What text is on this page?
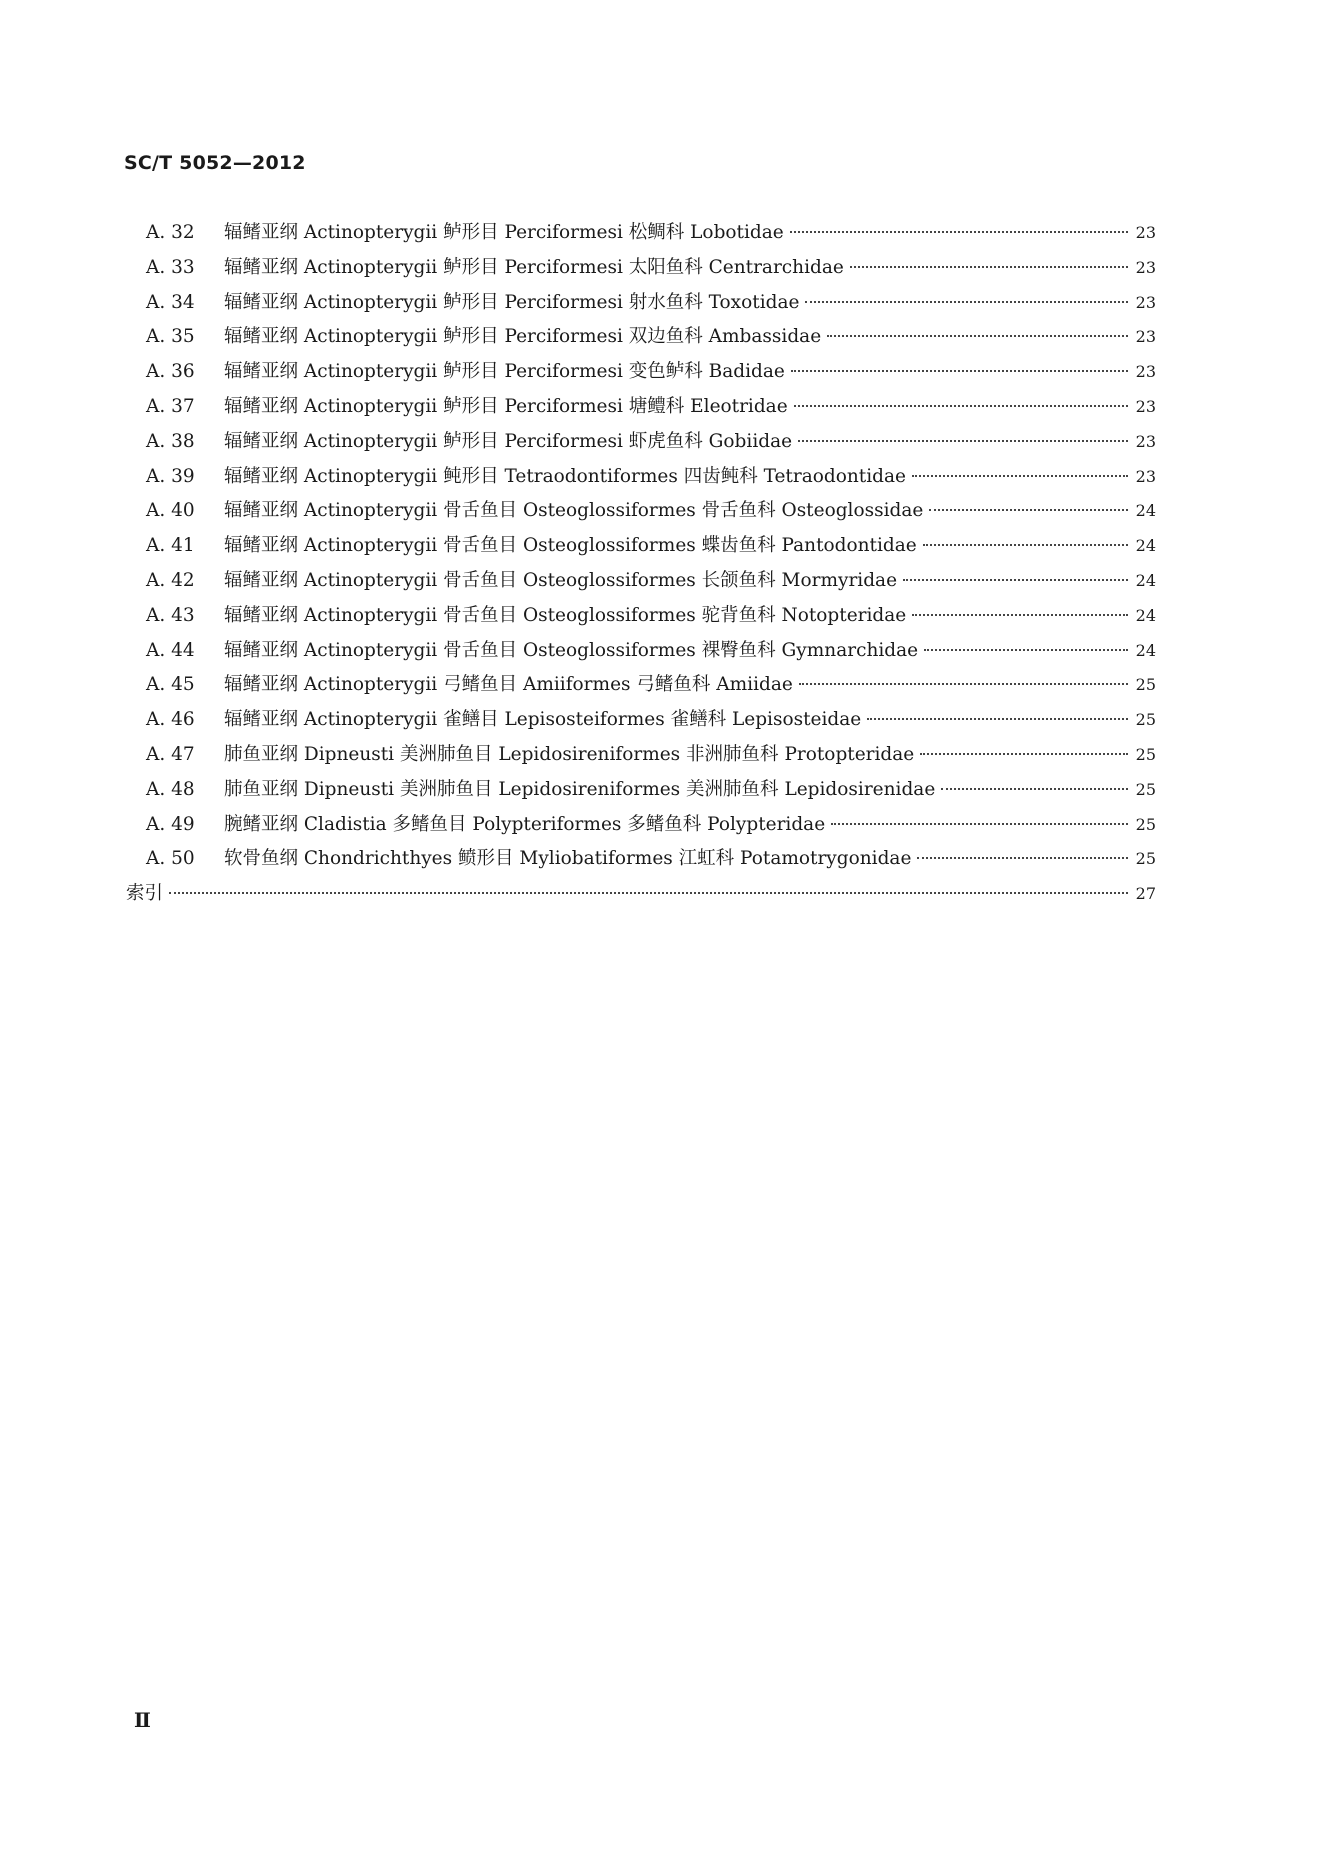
SC/T 5052—2012
A. 32	辐鳍亚纲 Actinopterygii 鲈形目 Perciformesi 松鲷科 Lobotidae	23
A. 33	辐鳍亚纲 Actinopterygii 鲈形目 Perciformesi 太阳鱼科 Centrarchidae	23
A. 34	辐鳍亚纲 Actinopterygii 鲈形目 Perciformesi 射水鱼科 Toxotidae	23
A. 35	辐鳍亚纲 Actinopterygii 鲈形目 Perciformesi 双边鱼科 Ambassidae	23
A. 36	辐鳍亚纲 Actinopterygii 鲈形目 Perciformesi 变色鲈科 Badidae	23
A. 37	辐鳍亚纲 Actinopterygii 鲈形目 Perciformesi 塘鳢科 Eleotridae	23
A. 38	辐鳍亚纲 Actinopterygii 鲈形目 Perciformesi 虾虎鱼科 Gobiidae	23
A. 39	辐鳍亚纲 Actinopterygii 鲀形目 Tetraodontiformes 四齿鲀科 Tetraodontidae	23
A. 40	辐鳍亚纲 Actinopterygii 骨舌鱼目 Osteoglossiformes 骨舌鱼科 Osteoglossidae	24
A. 41	辐鳍亚纲 Actinopterygii 骨舌鱼目 Osteoglossiformes 蝶齿鱼科 Pantodontidae	24
A. 42	辐鳍亚纲 Actinopterygii 骨舌鱼目 Osteoglossiformes 长颌鱼科 Mormyridae	24
A. 43	辐鳍亚纲 Actinopterygii 骨舌鱼目 Osteoglossiformes 驼背鱼科 Notopteridae	24
A. 44	辐鳍亚纲 Actinopterygii 骨舌鱼目 Osteoglossiformes 裸臀鱼科 Gymnarchidae	24
A. 45	辐鳍亚纲 Actinopterygii 弓鳍鱼目 Amiiformes 弓鳍鱼科 Amiidae	25
A. 46	辐鳍亚纲 Actinopterygii 雀鳝目 Lepisosteiformes 雀鳝科 Lepisosteidae	25
A. 47	肺鱼亚纲 Dipneusti 美洲肺鱼目 Lepidosireniformes 非洲肺鱼科 Protopteridae	25
A. 48	肺鱼亚纲 Dipneusti 美洲肺鱼目 Lepidosireniformes 美洲肺鱼科 Lepidosirenidae	25
A. 49	腕鳍亚纲 Cladistia 多鳍鱼目 Polypteriformes 多鳍鱼科 Polypteridae	25
A. 50	软骨鱼纲 Chondrichthyes 鲼形目 Myliobatiformes 江虹科 Potamotrygonidae	25
索引	27
Ⅱ
